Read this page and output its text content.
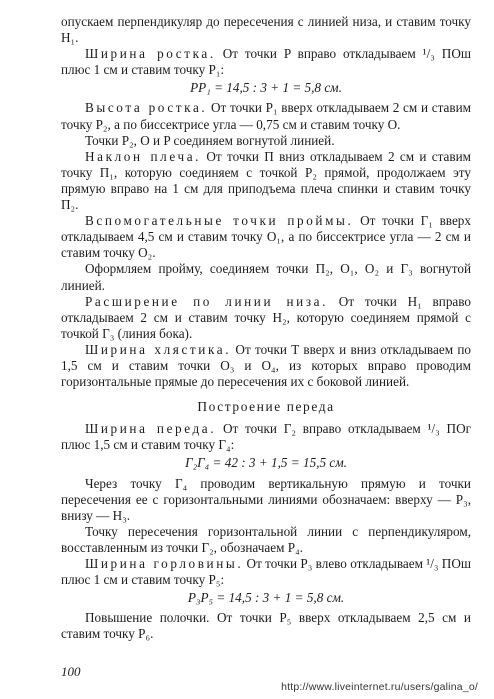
опускаем перпендикуляр до пересечения с линией низа, и ставим точку H₁.

Ширина ростка. От точки P вправо откладываем ¹/₃ ПОш плюс 1 см и ставим точку P₁:

PP₁ = 14,5 : 3 + 1 = 5,8 см.

Высота ростка. От точки P₁ вверх откладываем 2 см и ставим точку P₂, а по биссектрисе угла — 0,75 см и ставим точку O.

Точки P₂, O и P соединяем вогнутой линией.

Наклон плеча. От точки П вниз откладываем 2 см и ставим точку П₁, которую соединяем с точкой P₂ прямой, продолжаем эту прямую вправо на 1 см для приподъема плеча спинки и ставим точку П₂.

Вспомогательные точки проймы. От точки Г₁ вверх откладываем 4,5 см и ставим точку O₁, а по биссектрисе угла — 2 см и ставим точку O₂.

Оформляем пройму, соединяем точки П₂, O₁, O₂ и Г₃ вогнутой линией.

Расширение по линии низа. От точки H₁ вправо откладываем 2 см и ставим точку H₂, которую соединяем прямой с точкой Г₃ (линия бока).

Ширина хлястика. От точки T вверх и вниз откладываем по 1,5 см и ставим точки O₃ и O₄, из которых вправо проводим горизонтальные прямые до пересечения их с боковой линией.

Построение переда

Ширина переда. От точки Г₂ вправо откладываем ¹/₃ ПОг плюс 1,5 см и ставим точку Г₄:

Г₂Г₄ = 42 : 3 + 1,5 = 15,5 см.

Через точку Г₄ проводим вертикальную прямую и точки пересечения ее с горизонтальными линиями обозначаем: вверху — P₃, внизу — H₃.

Точку пересечения горизонтальной линии с перпендикуляром, восставленным из точки Г₂, обозначаем P₄.

Ширина горловины. От точки P₃ влево откладываем ¹/₃ ПОш плюс 1 см и ставим точку P₅:

P₃P₅ = 14,5 : 3 + 1 = 5,8 см.

Повышение полочки. От точки P₅ вверх откладываем 2,5 см и ставим точку P₆.

100
http://www.liveinternet.ru/users/galina_o/
